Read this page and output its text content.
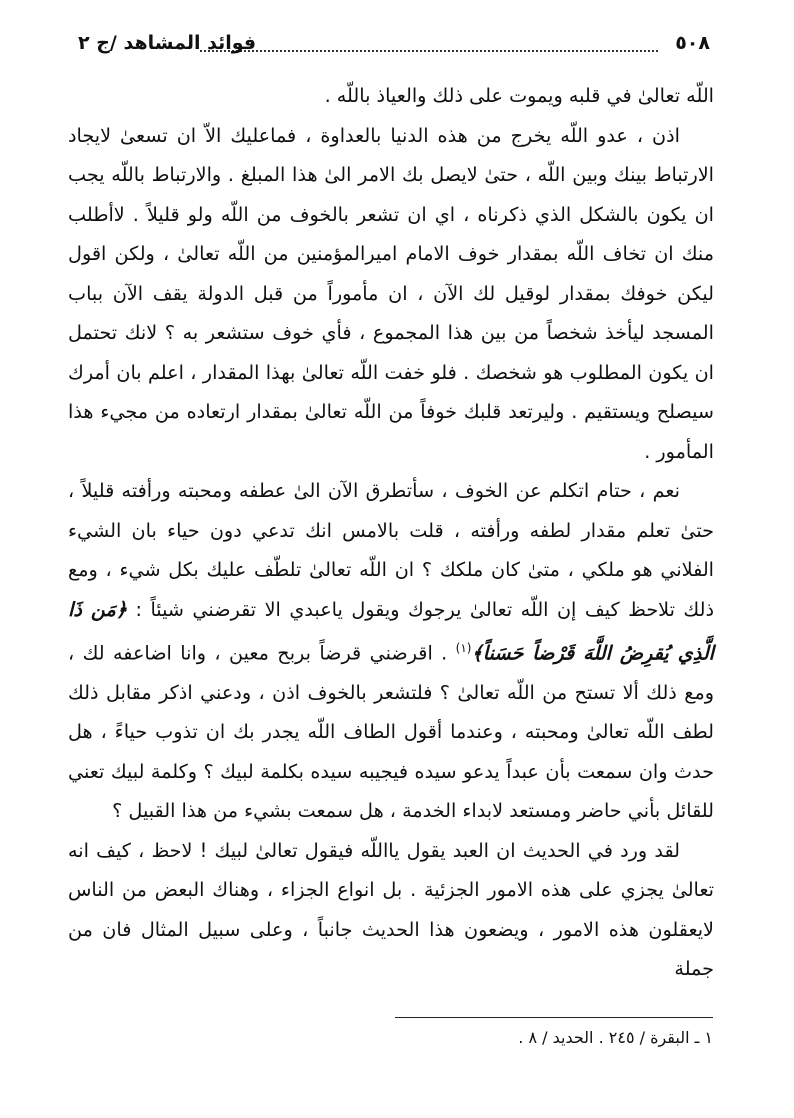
٥٠٨
فوائد المشاهد /ج ٢

اللّه تعالىٰ في قلبه ويموت على ذلك والعياذ باللّه .

اذن ، عدو اللّه يخرج من هذه الدنيا بالعداوة ، فماعليك الاّ ان تسعىٰ لايجاد الارتباط بينك وبين اللّه ، حتىٰ لايصل بك الامر الىٰ هذا المبلغ . والارتباط باللّه يجب ان يكون بالشكل الذي ذكرناه ، اي ان تشعر بالخوف من اللّه ولو قليلاً . لاأطلب منك ان تخاف اللّه بمقدار خوف الامام اميرالمؤمنين من اللّه تعالىٰ ، ولكن اقول ليكن خوفك بمقدار لوقيل لك الآن ، ان مأموراً من قبل الدولة يقف الآن بباب المسجد ليأخذ شخصاً من بين هذا المجموع ، فأي خوف ستشعر به ؟ لانك تحتمل ان يكون المطلوب هو شخصك . فلو خفت اللّه تعالىٰ بهذا المقدار ، اعلم بان أمرك سيصلح ويستقيم . وليرتعد قلبك خوفاً من اللّه تعالىٰ بمقدار ارتعاده من مجيء هذا المأمور .

نعم ، حتام اتكلم عن الخوف ، سأتطرق الآن الىٰ عطفه ومحبته ورأفته قليلاً ، حتىٰ تعلم مقدار لطفه ورأفته ، قلت بالامس انك تدعي دون حياء بان الشيء الفلاني هو ملكي ، متىٰ كان ملكك ؟ ان اللّه تعالىٰ تلطّف عليك بكل شيء ، ومع ذلك تلاحظ كيف إن اللّه تعالىٰ يرجوك ويقول ياعبدي الا تقرضني شيئاً : ﴿مَن ذَا الَّذِي يُقرِضُ اللَّهَ قَرْضاً حَسَناً﴾$^{(١)}$ . اقرضني قرضاً بربح معين ، وانا اضاعفه لك ، ومع ذلك ألا تستح من اللّه تعالىٰ ؟ فلتشعر بالخوف اذن ، ودعني اذكر مقابل ذلك لطف اللّه تعالىٰ ومحبته ، وعندما أقول الطاف اللّه يجدر بك ان تذوب حياءً ، هل حدث وان سمعت بأن عبداً يدعو سيده فيجيبه سيده بكلمة لبيك ؟ وكلمة لبيك تعني للقائل بأني حاضر ومستعد لابداء الخدمة ، هل سمعت بشيء من هذا القبيل ؟

لقد ورد في الحديث ان العبد يقول يااللّه فيقول تعالىٰ لبيك ! لاحظ ، كيف انه تعالىٰ يجزي على هذه الامور الجزئية . بل انواع الجزاء ، وهناك البعض من الناس لايعقلون هذه الامور ، ويضعون هذا الحديث جانباً ، وعلى سبيل المثال فان من جملة

١ ـ البقرة / ٢٤٥ . الحديد / ٨ .
